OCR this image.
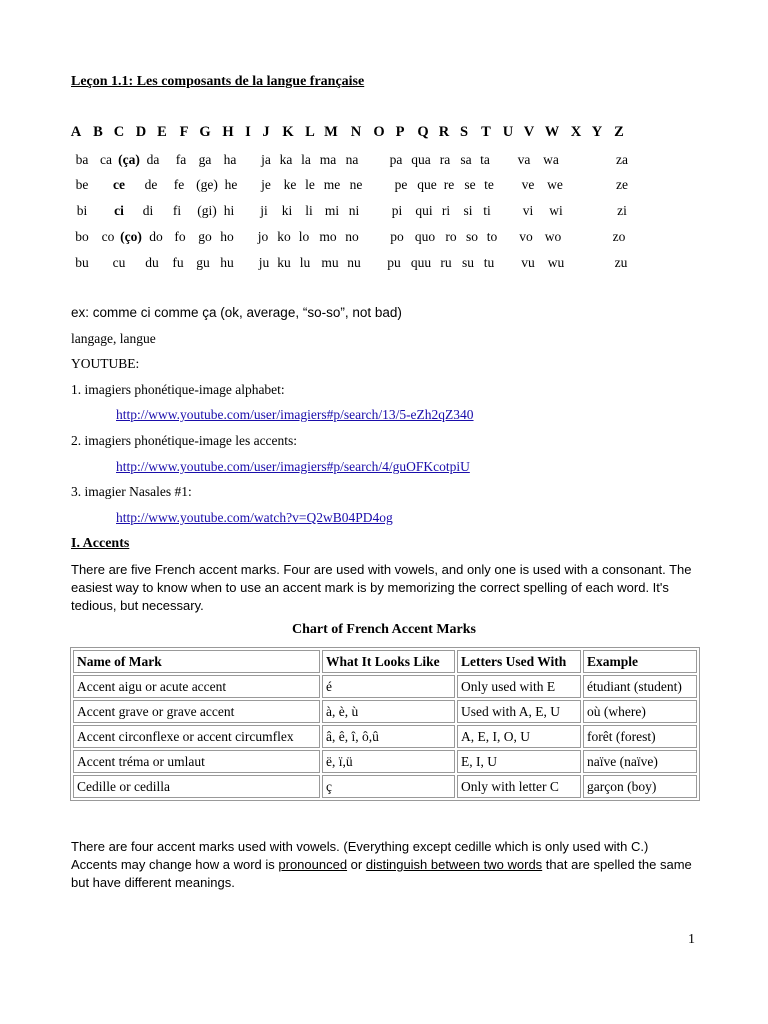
Leçon 1.1: Les composants de la langue française
A B C D E F G H I J K L M N O P Q R S T U V W X Y Z
ba ca (ça) da fa ga ha ja ka la ma na pa qua ra sa ta va wa	za
be ce de fe (ge) he je ke le me ne pe que re se te ve we	ze
bi ci di fi (gi) hi ji ki li mi ni pi qui ri si ti vi wi	zi
bo co (ço) do fo go ho jo ko lo mo no po quo ro so to vo wo	zo
bu cu du fu gu hu ju ku lu mu nu pu quu ru su tu vu wu	zu
ex: comme ci comme ça (ok, average, “so-so”, not bad)
langage, langue
YOUTUBE:
1. imagiers phonétique-image alphabet:
http://www.youtube.com/user/imagiers#p/search/13/5-eZh2qZ340
2. imagiers phonétique-image les accents:
http://www.youtube.com/user/imagiers#p/search/4/guOFKcotpiU
3. imagier Nasales #1:
http://www.youtube.com/watch?v=Q2wB04PD4og
I. Accents

There are five French accent marks. Four are used with vowels, and only one is used with a consonant. The easiest way to know when to use an accent mark is by memorizing the correct spelling of each word. It's tedious, but necessary.

Chart of French Accent Marks
Name of Mark	What It Looks Like	Letters Used With	Example
Accent aigu or acute accent	é	Only used with E	étudiant (student)
Accent grave or grave accent	à, è, ù	Used with A, E, U	où (where)
Accent circonflexe or accent circumflex	â, ê, î, ô,û	A, E, I, O, U	forêt (forest)
Accent tréma or umlaut	ë, ï,ü	E, I, U	naïve (naïve)
Cedille or cedilla	ç	Only with letter C	garçon (boy)

There are four accent marks used with vowels. (Everything except cedille which is only used with C.)

Accents may change how a word is pronounced or distinguish between two words that are spelled the same but have different meanings.

1
